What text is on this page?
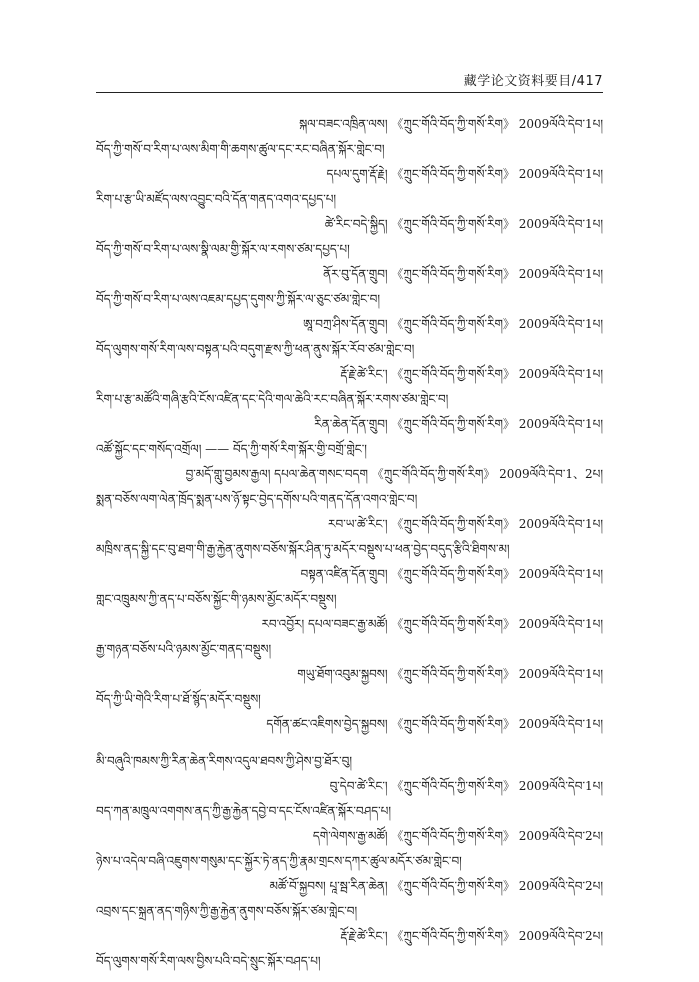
藏学论文资料要目/417
སྐལ་བཟང་འཁྲིན་ལས། 《ཀྲུང་གོའི་བོད་ཀྱི་གསོ་རིག》 2009ལོའི་དེབ་1པ།
བོད་ཀྱི་གསོ་བ་རིག་པ་ལས་མིག་གི་ཆགས་ཚུལ་དང་རང་བཞིན་སྐོར་གླེང་བ།
དཔལ་དུག་རྡོ་རྗེ། 《ཀྲུང་གོའི་བོད་ཀྱི་གསོ་རིག》 2009ལོའི་དེབ་1པ།
རིག་པ་རྩ་ཡི་མཛོད་ལས་འབྱུང་བའི་དོན་གནད་འགའ་དཔྱད་པ།
ཚེ་རིང་བདེ་སྐྱིད། 《ཀྲུང་གོའི་བོད་ཀྱི་གསོ་རིག》 2009ལོའི་དེབ་1པ།
བོད་ཀྱི་གསོ་བ་རིག་པ་ལས་སྣི་ལམ་གྱི་སྐོར་ལ་རགས་ཙམ་དཔྱད་པ།
ནོར་བུ་དོན་གྲུབ། 《ཀྲུང་གོའི་བོད་ཀྱི་གསོ་རིག》 2009ལོའི་དེབ་1པ།
བོད་ཀྱི་གསོ་བ་རིག་པ་ལས་འཇམ་དཔྱད་དུགས་ཀྱི་སྐོར་ལ་ཅུང་ཙམ་གླེང་བ།
ཨཱ་བཀྲ་ཤིས་དོན་གྲུབ། 《ཀྲུང་གོའི་བོད་ཀྱི་གསོ་རིག》 2009ལོའི་དེབ་1པ།
བོད་ལུགས་གསོ་རིག་ལས་བསྟན་པའི་བདུག་རྫས་ཀྱི་ཕན་ནུས་སྐོར་རོབ་ཙམ་གླེང་བ།
རྡོ་རྗེ་ཚེ་རིང་། 《ཀྲུང་གོའི་བོད་ཀྱི་གསོ་རིག》 2009ལོའི་དེབ་1པ།
རིག་པ་རྩ་མཚོའི་གཞི་རྩའི་ངོས་འཛིན་དང་དེའི་གལ་ཆེའི་རང་བཞིན་སྐོར་རགས་ཙམ་གླེང་བ།
རིན་ཆེན་དོན་གྲུབ། 《ཀྲུང་གོའི་བོད་ཀྱི་གསོ་རིག》 2009ལོའི་དེབ་1པ།
འཚོ་སྐྱོང་དང་གསོད་འགྲོལ། —— བོད་ཀྱི་གསོ་རིག་སྐོར་གྱི་བགྲོ་གླེང་།
བྱ་མདོ་གླུ་བྱམས་རྒྱལ། དཔལ་ཆེན་གསང་བདག 《ཀྲུང་གོའི་བོད་ཀྱི་གསོ་རིག》 2009ལོའི་དེབ་1、2པ།
སྨན་བཅོས་ལག་ལེན་ཁྲོད་སྨན་པས་ཉོ་སྟང་བྱེད་དགོས་པའི་གནད་དོན་འགའ་གླེང་བ།
རབ་ཡ་ཚེ་རིང་། 《ཀྲུང་གོའི་བོད་ཀྱི་གསོ་རིག》 2009ལོའི་དེབ་1པ།
མཁྲིས་ནད་སྐྱི་དང་བུ་ཐག་གི་རྒྱ་རྐྱེན་ནུགས་བཅོས་སྐོར་ཤིན་ཏུ་མདོར་བསྡུས་པ་ཕན་བྱེད་བདུད་རྩིའི་ཐིགས་མ།
བསྟན་འཛིན་དོན་གྲུབ། 《ཀྲུང་གོའི་བོད་ཀྱི་གསོ་རིག》 2009ལོའི་དེབ་1པ།
གླང་འཁྲུམས་ཀྱི་ནད་པ་བཅོས་སྐྱོང་གི་ཉམས་མྱོང་མདོར་བསྡུས།
རབ་འབྱོར། དཔལ་བཟང་རྒྱ་མཚོ། 《ཀྲུང་གོའི་བོད་ཀྱི་གསོ་རིག》 2009ལོའི་དེབ་1པ།
རྒྱ་གཉན་བཅོས་པའི་ཉམས་མྱོང་གནད་བསྡུས།
གཡུ་ཐོག་འབུམ་སྐྱབས། 《ཀྲུང་གོའི་བོད་ཀྱི་གསོ་རིག》 2009ལོའི་དེབ་1པ།
བོད་ཀྱི་ཡི་གེའི་རིག་པ་ཐོ་སྙོད་མདོར་བསྡུས།
དགོན་ཚང་འཇིགས་བྱེད་སྐྱབས། 《ཀྲུང་གོའི་བོད་ཀྱི་གསོ་རིག》 2009ལོའི་དེབ་1པ།
མི་བཞུའི་ཁམས་ཀྱི་རིན་ཆེན་རིགས་འདུལ་ཐབས་ཀྱི་ཤེས་བྱ་ཐོར་བུ།
བུ་དེབ་ཚེ་རིང་། 《ཀྲུང་གོའི་བོད་ཀྱི་གསོ་རིག》 2009ལོའི་དེབ་1པ།
བད་ཀན་མཁྲུལ་འགགས་ནད་ཀྱི་རྒྱ་རྐྱེན་དབྱེ་བ་དང་ངོས་འཛིན་སྐོར་བཤད་པ།
དགེ་ལེགས་རྒྱ་མཚོ། 《ཀྲུང་གོའི་བོད་ཀྱི་གསོ་རིག》 2009ལོའི་དེབ་2པ།
ཉེས་པ་འདེལ་བཞི་འཇུགས་གསུམ་དང་སྐྱོར་ཏེ་ནད་ཀྱི་རྣམ་གྲངས་དཀར་ཚུལ་མདོར་ཙམ་གླེང་བ།
མཚོ་བོ་སྐྱབས། པཱ་སྦ་རིན་ཆེན། 《ཀྲུང་གོའི་བོད་ཀྱི་གསོ་རིག》 2009ལོའི་དེབ་2པ།
འབྲས་དང་སྐྲན་ནད་གཉིས་ཀྱི་རྒྱ་རྐྱེན་ནུགས་བཅོས་སྐོར་ཙམ་གླེང་བ།
རྡོ་རྗེ་ཚེ་རིང་། 《ཀྲུང་གོའི་བོད་ཀྱི་གསོ་རིག》 2009ལོའི་དེབ་2པ།
བོད་ལུགས་གསོ་རིག་ལས་བྱིས་པའི་བདེ་སྲུང་སྐོར་བཤད་པ།
